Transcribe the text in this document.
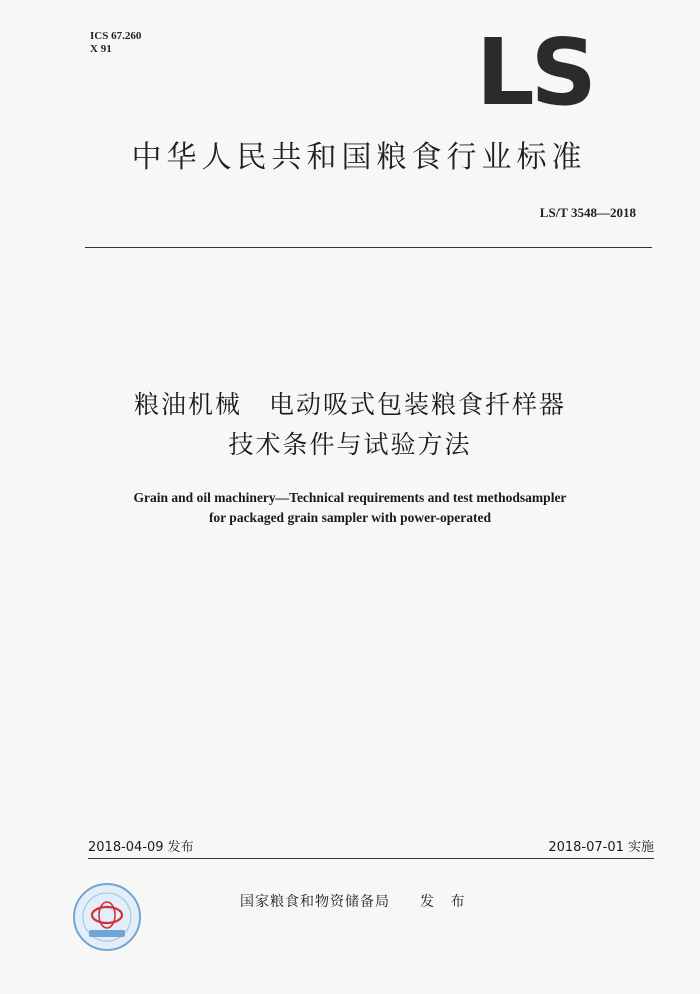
ICS 67.260
X 91	LS
中华人民共和国粮食行业标准
LS/T 3548—2018
粮油机械　电动吸式包装粮食扦样器
技术条件与试验方法
Grain and oil machinery—Technical requirements and test methodsampler
for packaged grain sampler with power-operated
2018-04-09 发布	2018-07-01 实施
国家粮食和物资储备局 发 布
